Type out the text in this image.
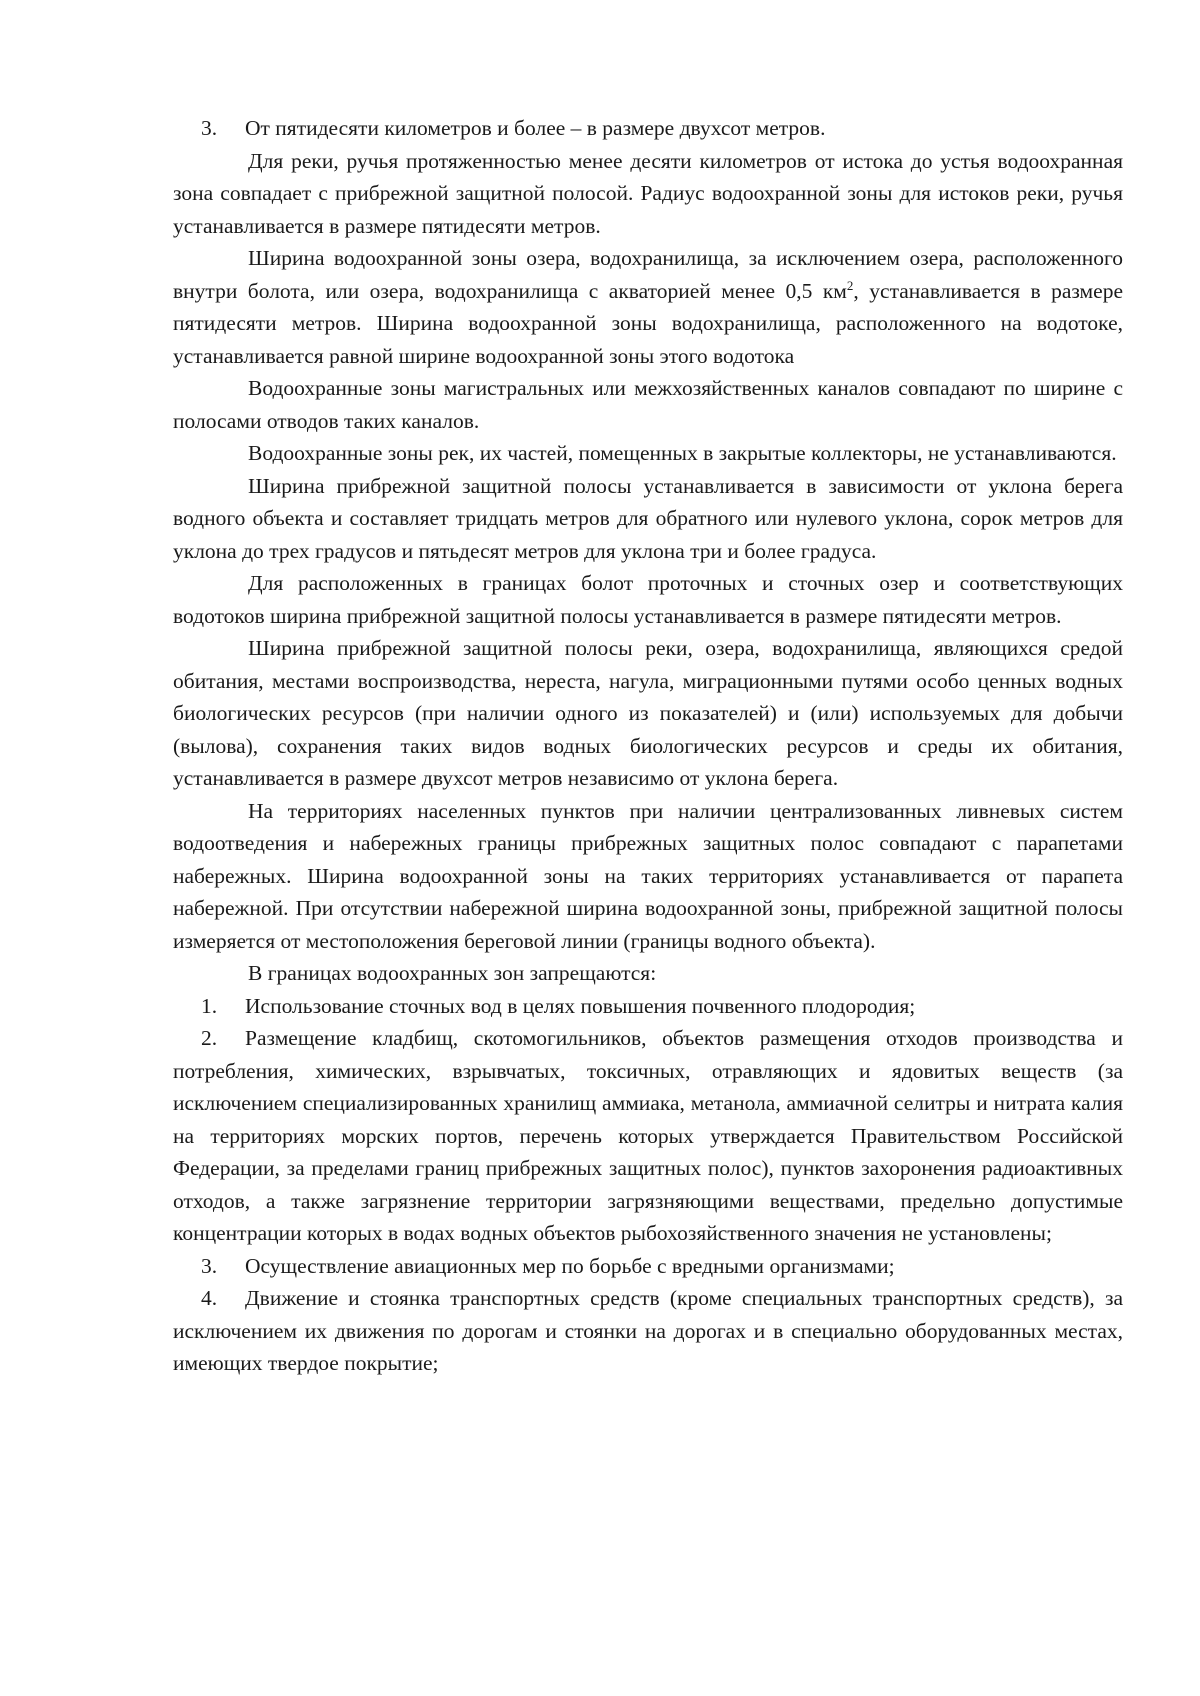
3. От пятидесяти километров и более – в размере двухсот метров.

Для реки, ручья протяженностью менее десяти километров от истока до устья водоохранная зона совпадает с прибрежной защитной полосой. Радиус водоохранной зоны для истоков реки, ручья устанавливается в размере пятидесяти метров.

Ширина водоохранной зоны озера, водохранилища, за исключением озера, расположенного внутри болота, или озера, водохранилища с акваторией менее 0,5 $км^2$, устанавливается в размере пятидесяти метров. Ширина водоохранной зоны водохранилища, расположенного на водотоке, устанавливается равной ширине водоохранной зоны этого водотока

Водоохранные зоны магистральных или межхозяйственных каналов совпадают по ширине с полосами отводов таких каналов.

Водоохранные зоны рек, их частей, помещенных в закрытые коллекторы, не устанавливаются.

Ширина прибрежной защитной полосы устанавливается в зависимости от уклона берега водного объекта и составляет тридцать метров для обратного или нулевого уклона, сорок метров для уклона до трех градусов и пятьдесят метров для уклона три и более градуса.

Для расположенных в границах болот проточных и сточных озер и соответствующих водотоков ширина прибрежной защитной полосы устанавливается в размере пятидесяти метров.

Ширина прибрежной защитной полосы реки, озера, водохранилища, являющихся средой обитания, местами воспроизводства, нереста, нагула, миграционными путями особо ценных водных биологических ресурсов (при наличии одного из показателей) и (или) используемых для добычи (вылова), сохранения таких видов водных биологических ресурсов и среды их обитания, устанавливается в размере двухсот метров независимо от уклона берега.

На территориях населенных пунктов при наличии централизованных ливневых систем водоотведения и набережных границы прибрежных защитных полос совпадают с парапетами набережных. Ширина водоохранной зоны на таких территориях устанавливается от парапета набережной. При отсутствии набережной ширина водоохранной зоны, прибрежной защитной полосы измеряется от местоположения береговой линии (границы водного объекта).

В границах водоохранных зон запрещаются:

1. Использование сточных вод в целях повышения почвенного плодородия;

2. Размещение кладбищ, скотомогильников, объектов размещения отходов производства и потребления, химических, взрывчатых, токсичных, отравляющих и ядовитых веществ (за исключением специализированных хранилищ аммиака, метанола, аммиачной селитры и нитрата калия на территориях морских портов, перечень которых утверждается Правительством Российской Федерации, за пределами границ прибрежных защитных полос), пунктов захоронения радиоактивных отходов, а также загрязнение территории загрязняющими веществами, предельно допустимые концентрации которых в водах водных объектов рыбохозяйственного значения не установлены;

3. Осуществление авиационных мер по борьбе с вредными организмами;

4. Движение и стоянка транспортных средств (кроме специальных транспортных средств), за исключением их движения по дорогам и стоянки на дорогах и в специально оборудованных местах, имеющих твердое покрытие;
